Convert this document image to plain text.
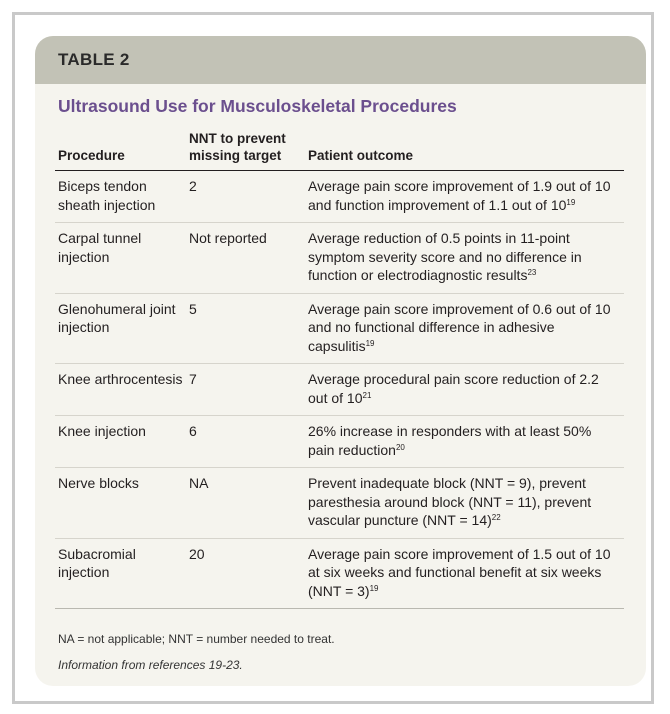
TABLE 2
Ultrasound Use for Musculoskeletal Procedures
Procedure	NNT to prevent missing target	Patient outcome
Biceps tendon sheath injection	2	Average pain score improvement of 1.9 out of 10 and function improvement of 1.1 out of $10^{19}$
Carpal tunnel injection	Not reported	Average reduction of 0.5 points in 11-point symptom severity score and no difference in function or electrodiagnostic results$^{23}$
Glenohumeral joint injection	5	Average pain score improvement of 0.6 out of 10 and no functional difference in adhesive capsulitis$^{19}$
Knee arthrocentesis	7	Average procedural pain score reduction of 2.2 out of $10^{21}$
Knee injection	6	26% increase in responders with at least 50% pain reduction$^{20}$
Nerve blocks	NA	Prevent inadequate block (NNT = 9), prevent paresthesia around block (NNT = 11), prevent vascular puncture (NNT = 14)$^{22}$
Subacromial injection	20	Average pain score improvement of 1.5 out of 10 at six weeks and functional benefit at six weeks (NNT = 3)$^{19}$
NA = not applicable; NNT = number needed to treat.
Information from references 19-23.
